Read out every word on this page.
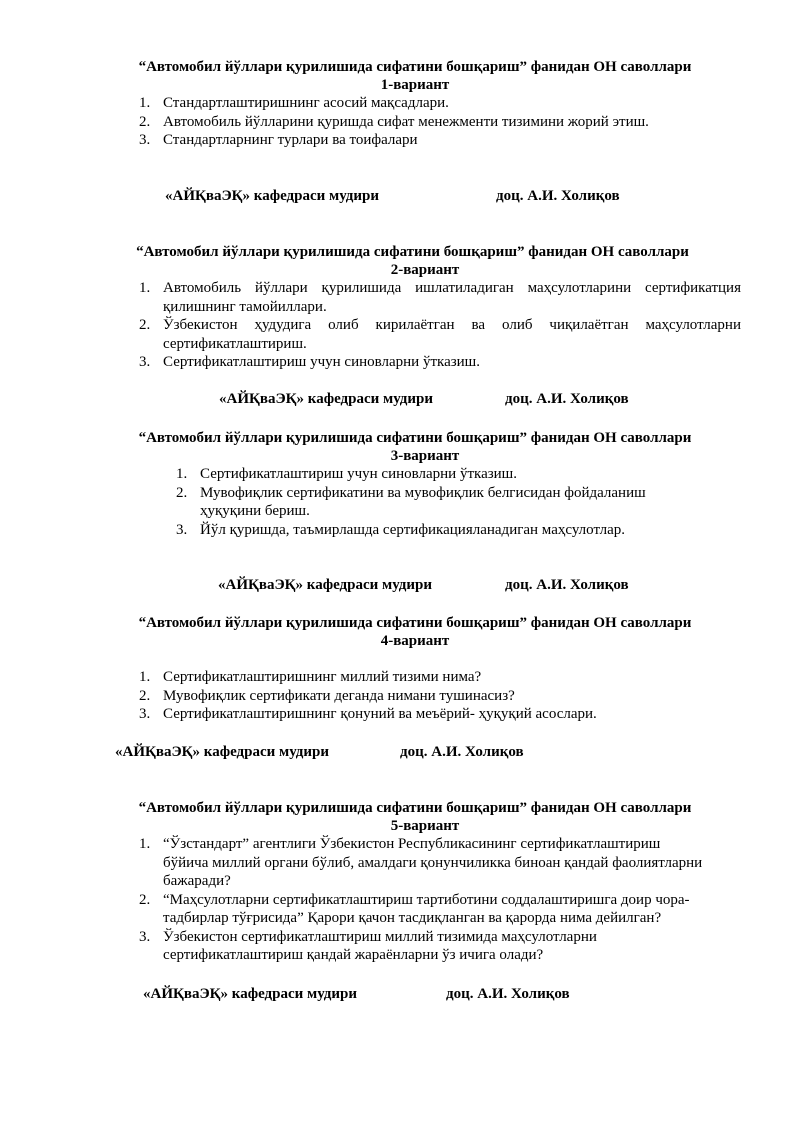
“Автомобил йўллари қурилишида сифатини бошқариш” фанидан ОН саволлари
1-вариант
1. Стандартлаштиришнинг асосий мақсадлари.
2. Автомобиль йўлларини қуришда сифат менежменти тизимини жорий этиш.
3. Стандартларнинг турлари ва тоифалари
«АЙҚваЭҚ» кафедраси мудири	доц. А.И. Холиқов
“Автомобил йўллари қурилишида сифатини бошқариш” фанидан ОН саволлари
2-вариант
1. Автомобиль йўллари қурилишида ишлатиладиган маҳсулотларини сертификатция қилишнинг тамойиллари.
2. Ўзбекистон ҳудудига олиб кирилаётган ва олиб чиқилаётган маҳсулотларни сертификатлаштириш.
3. Сертификатлаштириш учун синовларни ўтказиш.
«АЙҚваЭҚ» кафедраси мудири	доц. А.И. Холиқов
“Автомобил йўллари қурилишида сифатини бошқариш” фанидан ОН саволлари
3-вариант
1. Сертификатлаштириш учун синовларни ўтказиш.
2. Мувофиқлик сертификатини ва мувофиқлик белгисидан фойдаланиш ҳуқуқини бериш.
3. Йўл қуришда, таъмирлашда сертификацияланадиган маҳсулотлар.
«АЙҚваЭҚ» кафедраси мудири	доц. А.И. Холиқов
“Автомобил йўллари қурилишида сифатини бошқариш” фанидан ОН саволлари
4-вариант
1. Сертификатлаштиришнинг миллий тизими нима?
2. Мувофиқлик сертификати деганда нимани тушинасиз?
3. Сертификатлаштиришнинг қонуний ва меъёрий- ҳуқуқий асослари.
«АЙҚваЭҚ» кафедраси мудири	доц. А.И. Холиқов
“Автомобил йўллари қурилишида сифатини бошқариш” фанидан ОН саволлари
5-вариант
1. “Ўзстандарт” агентлиги Ўзбекистон Республикасининг сертификатлаштириш бўйича миллий органи бўлиб, амалдаги қонунчиликка биноан қандай фаолиятларни бажаради?
2. “Маҳсулотларни сертификатлаштириш тартиботини соддалаштиришга доир чора-тадбирлар тўғрисида” Қарори қачон тасдиқланган ва қарорда нима дейилган?
3. Ўзбекистон сертификатлаштириш миллий тизимида маҳсулотларни сертификатлаштириш қандай жараёнларни ўз ичига олади?
«АЙҚваЭҚ» кафедраси мудири	доц. А.И. Холиқов
